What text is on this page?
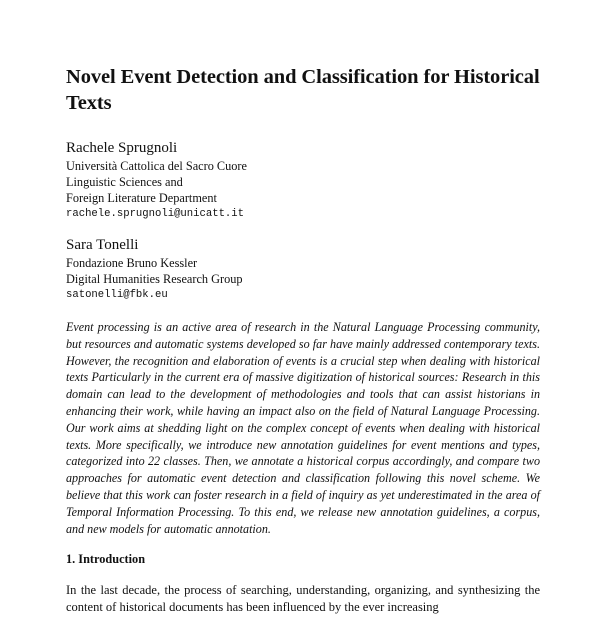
Novel Event Detection and Classification for Historical Texts
Rachele Sprugnoli
Università Cattolica del Sacro Cuore
Linguistic Sciences and
Foreign Literature Department
rachele.sprugnoli@unicatt.it
Sara Tonelli
Fondazione Bruno Kessler
Digital Humanities Research Group
satonelli@fbk.eu

Event processing is an active area of research in the Natural Language Processing community, but resources and automatic systems developed so far have mainly addressed contemporary texts. However, the recognition and elaboration of events is a crucial step when dealing with historical texts Particularly in the current era of massive digitization of historical sources: Research in this domain can lead to the development of methodologies and tools that can assist historians in enhancing their work, while having an impact also on the field of Natural Language Processing. Our work aims at shedding light on the complex concept of events when dealing with historical texts. More specifically, we introduce new annotation guidelines for event mentions and types, categorized into 22 classes. Then, we annotate a historical corpus accordingly, and compare two approaches for automatic event detection and classification following this novel scheme. We believe that this work can foster research in a field of inquiry as yet underestimated in the area of Temporal Information Processing. To this end, we release new annotation guidelines, a corpus, and new models for automatic annotation.

1. Introduction

In the last decade, the process of searching, understanding, organizing, and synthesizing the content of historical documents has been influenced by the ever increasing
